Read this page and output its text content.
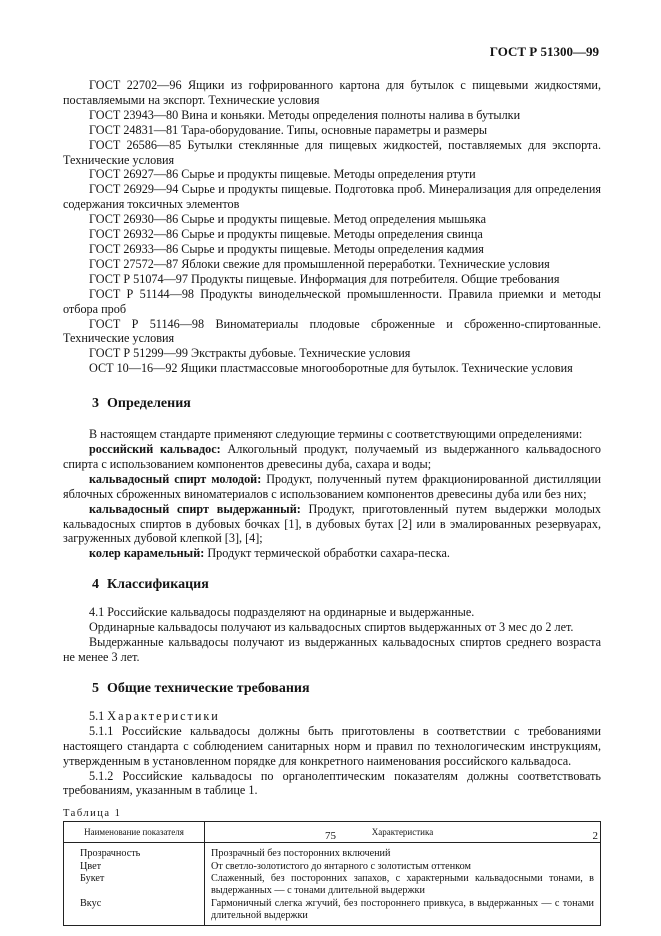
ГОСТ Р 51300—99

ГОСТ 22702—96 Ящики из гофрированного картона для бутылок с пищевыми жидкостями, поставляемыми на экспорт. Технические условия

ГОСТ 23943—80 Вина и коньяки. Методы определения полноты налива в бутылки

ГОСТ 24831—81 Тара-оборудование. Типы, основные параметры и размеры

ГОСТ 26586—85 Бутылки стеклянные для пищевых жидкостей, поставляемых для экспорта. Технические условия

ГОСТ 26927—86 Сырье и продукты пищевые. Методы определения ртути

ГОСТ 26929—94 Сырье и продукты пищевые. Подготовка проб. Минерализация для определения содержания токсичных элементов

ГОСТ 26930—86 Сырье и продукты пищевые. Метод определения мышьяка

ГОСТ 26932—86 Сырье и продукты пищевые. Методы определения свинца

ГОСТ 26933—86 Сырье и продукты пищевые. Методы определения кадмия

ГОСТ 27572—87 Яблоки свежие для промышленной переработки. Технические условия

ГОСТ Р 51074—97 Продукты пищевые. Информация для потребителя. Общие требования

ГОСТ Р 51144—98 Продукты винодельческой промышленности. Правила приемки и методы отбора проб

ГОСТ Р 51146—98 Виноматериалы плодовые сброженные и сброженно-спиртованные. Технические условия

ГОСТ Р 51299—99 Экстракты дубовые. Технические условия

ОСТ 10—16—92 Ящики пластмассовые многооборотные для бутылок. Технические условия

3 Определения

В настоящем стандарте применяют следующие термины с соответствующими определениями:

российский кальвадос: Алкогольный продукт, получаемый из выдержанного кальвадосного спирта с использованием компонентов древесины дуба, сахара и воды;

кальвадосный спирт молодой: Продукт, полученный путем фракционированной дистилляции яблочных сброженных виноматериалов с использованием компонентов древесины дуба или без них;

кальвадосный спирт выдержанный: Продукт, приготовленный путем выдержки молодых кальвадосных спиртов в дубовых бочках [1], в дубовых бутах [2] или в эмалированных резервуарах, загруженных дубовой клепкой [3], [4];

колер карамельный: Продукт термической обработки сахара-песка.

4 Классификация

4.1 Российские кальвадосы подразделяют на ординарные и выдержанные.

Ординарные кальвадосы получают из кальвадосных спиртов выдержанных от 3 мес до 2 лет.

Выдержанные кальвадосы получают из выдержанных кальвадосных спиртов среднего возраста не менее 3 лет.

5 Общие технические требования

5.1 Характеристики

5.1.1 Российские кальвадосы должны быть приготовлены в соответствии с требованиями настоящего стандарта с соблюдением санитарных норм и правил по технологическим инструкциям, утвержденным в установленном порядке для конкретного наименования российского кальвадоса.

5.1.2 Российские кальвадосы по органолептическим показателям должны соответствовать требованиям, указанным в таблице 1.

Таблица 1
Наименование показателя	Характеристика
Прозрачность	Прозрачный без посторонних включений
Цвет	От светло-золотистого до янтарного с золотистым оттенком
Букет	Слаженный, без посторонних запахов, с характерными кальвадосными тонами, в выдержанных — с тонами длительной выдержки
Вкус	Гармоничный слегка жгучий, без постороннего привкуса, в выдержанных — с тонами длительной выдержки
75	2
